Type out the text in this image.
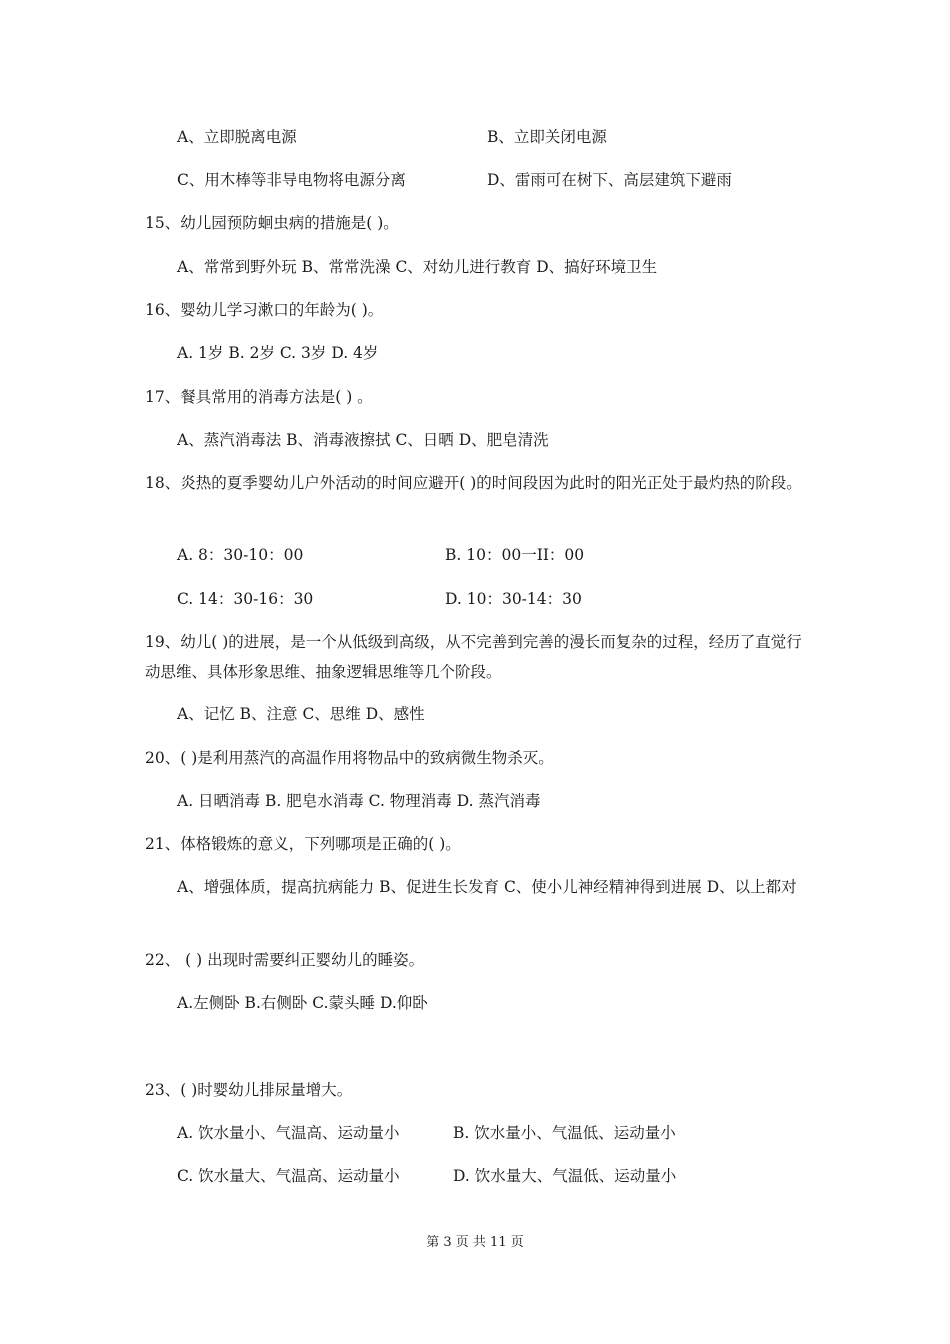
A、立即脱离电源	B、立即关闭电源
C、用木棒等非导电物将电源分离	D、雷雨可在树下、高层建筑下避雨
15、幼儿园预防蛔虫病的措施是( )。
A、常常到野外玩 B、常常洗澡 C、对幼儿进行教育 D、搞好环境卫生
16、婴幼儿学习漱口的年龄为( )。
A. 1岁 B. 2岁 C. 3岁 D. 4岁
17、餐具常用的消毒方法是( ) 。
A、蒸汽消毒法 B、消毒液擦拭 C、日晒 D、肥皂清洗
18、炎热的夏季婴幼儿户外活动的时间应避开( )的时间段因为此时的阳光正处于最灼热的阶段。
A. 8：30-10：00	B. 10：00一II：00
C. 14：30-16：30	D. 10：30-14：30
19、幼儿( )的进展，是一个从低级到高级，从不完善到完善的漫长而复杂的过程，经历了直觉行动思维、具体形象思维、抽象逻辑思维等几个阶段。
A、记忆 B、注意 C、思维 D、感性
20、( )是利用蒸汽的高温作用将物品中的致病微生物杀灭。
A. 日晒消毒 B. 肥皂水消毒 C. 物理消毒 D. 蒸汽消毒
21、体格锻炼的意义，下列哪项是正确的( )。
A、增强体质，提高抗病能力 B、促进生长发育 C、使小儿神经精神得到进展 D、以上都对
22、 ( ) 出现时需要纠正婴幼儿的睡姿。
A.左侧卧 B.右侧卧 C.蒙头睡 D.仰卧
23、( )时婴幼儿排尿量增大。
A. 饮水量小、气温高、运动量小	B. 饮水量小、气温低、运动量小
C. 饮水量大、气温高、运动量小	D. 饮水量大、气温低、运动量小
第 3 页 共 11 页
